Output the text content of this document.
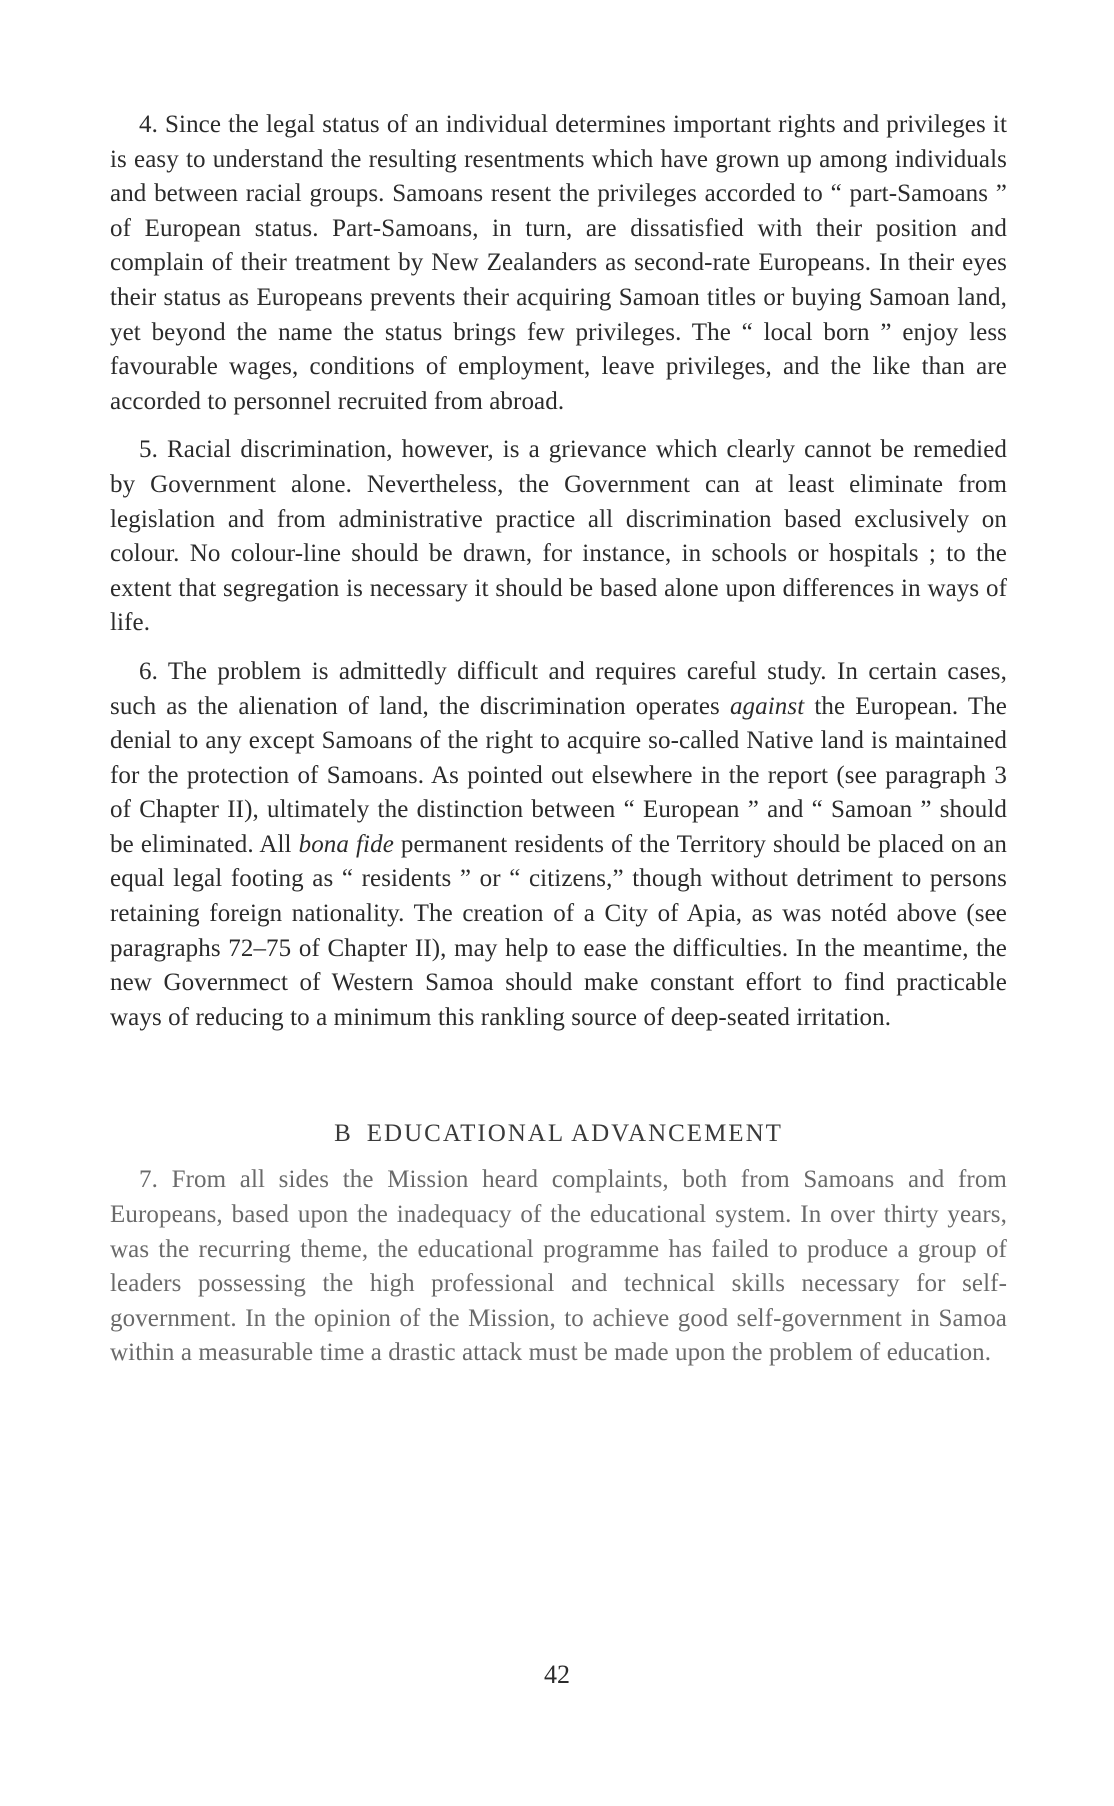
4. Since the legal status of an individual determines important rights and privileges it is easy to understand the resulting resentments which have grown up among individuals and between racial groups. Samoans resent the privileges accorded to “ part-Samoans ” of European status. Part-Samoans, in turn, are dissatisfied with their position and complain of their treatment by New Zealanders as second-rate Europeans. In their eyes their status as Europeans prevents their acquiring Samoan titles or buying Samoan land, yet beyond the name the status brings few privileges. The “ local born ” enjoy less favourable wages, conditions of employment, leave privileges, and the like than are accorded to personnel recruited from abroad.

5. Racial discrimination, however, is a grievance which clearly cannot be remedied by Government alone. Nevertheless, the Government can at least eliminate from legislation and from administrative practice all discrimination based exclusively on colour. No colour-line should be drawn, for instance, in schools or hospitals ; to the extent that segregation is necessary it should be based alone upon differences in ways of life.

6. The problem is admittedly difficult and requires careful study. In certain cases, such as the alienation of land, the discrimination operates against the European. The denial to any except Samoans of the right to acquire so-called Native land is maintained for the protection of Samoans. As pointed out elsewhere in the report (see paragraph 3 of Chapter II), ultimately the distinction between “ European ” and “ Samoan ” should be eliminated. All bona fide permanent residents of the Territory should be placed on an equal legal footing as “ residents ” or “ citizens,” though without detriment to persons retaining foreign nationality. The creation of a City of Apia, as was notéd above (see paragraphs 72–75 of Chapter II), may help to ease the difficulties. In the meantime, the new Governmect of Western Samoa should make constant effort to find practicable ways of reducing to a minimum this rankling source of deep-seated irritation.

B EDUCATIONAL ADVANCEMENT

7. From all sides the Mission heard complaints, both from Samoans and from Europeans, based upon the inadequacy of the educational system. In over thirty years, was the recurring theme, the educational programme has failed to produce a group of leaders possessing the high professional and technical skills necessary for self-government. In the opinion of the Mission, to achieve good self-government in Samoa within a measurable time a drastic attack must be made upon the problem of education.

42
